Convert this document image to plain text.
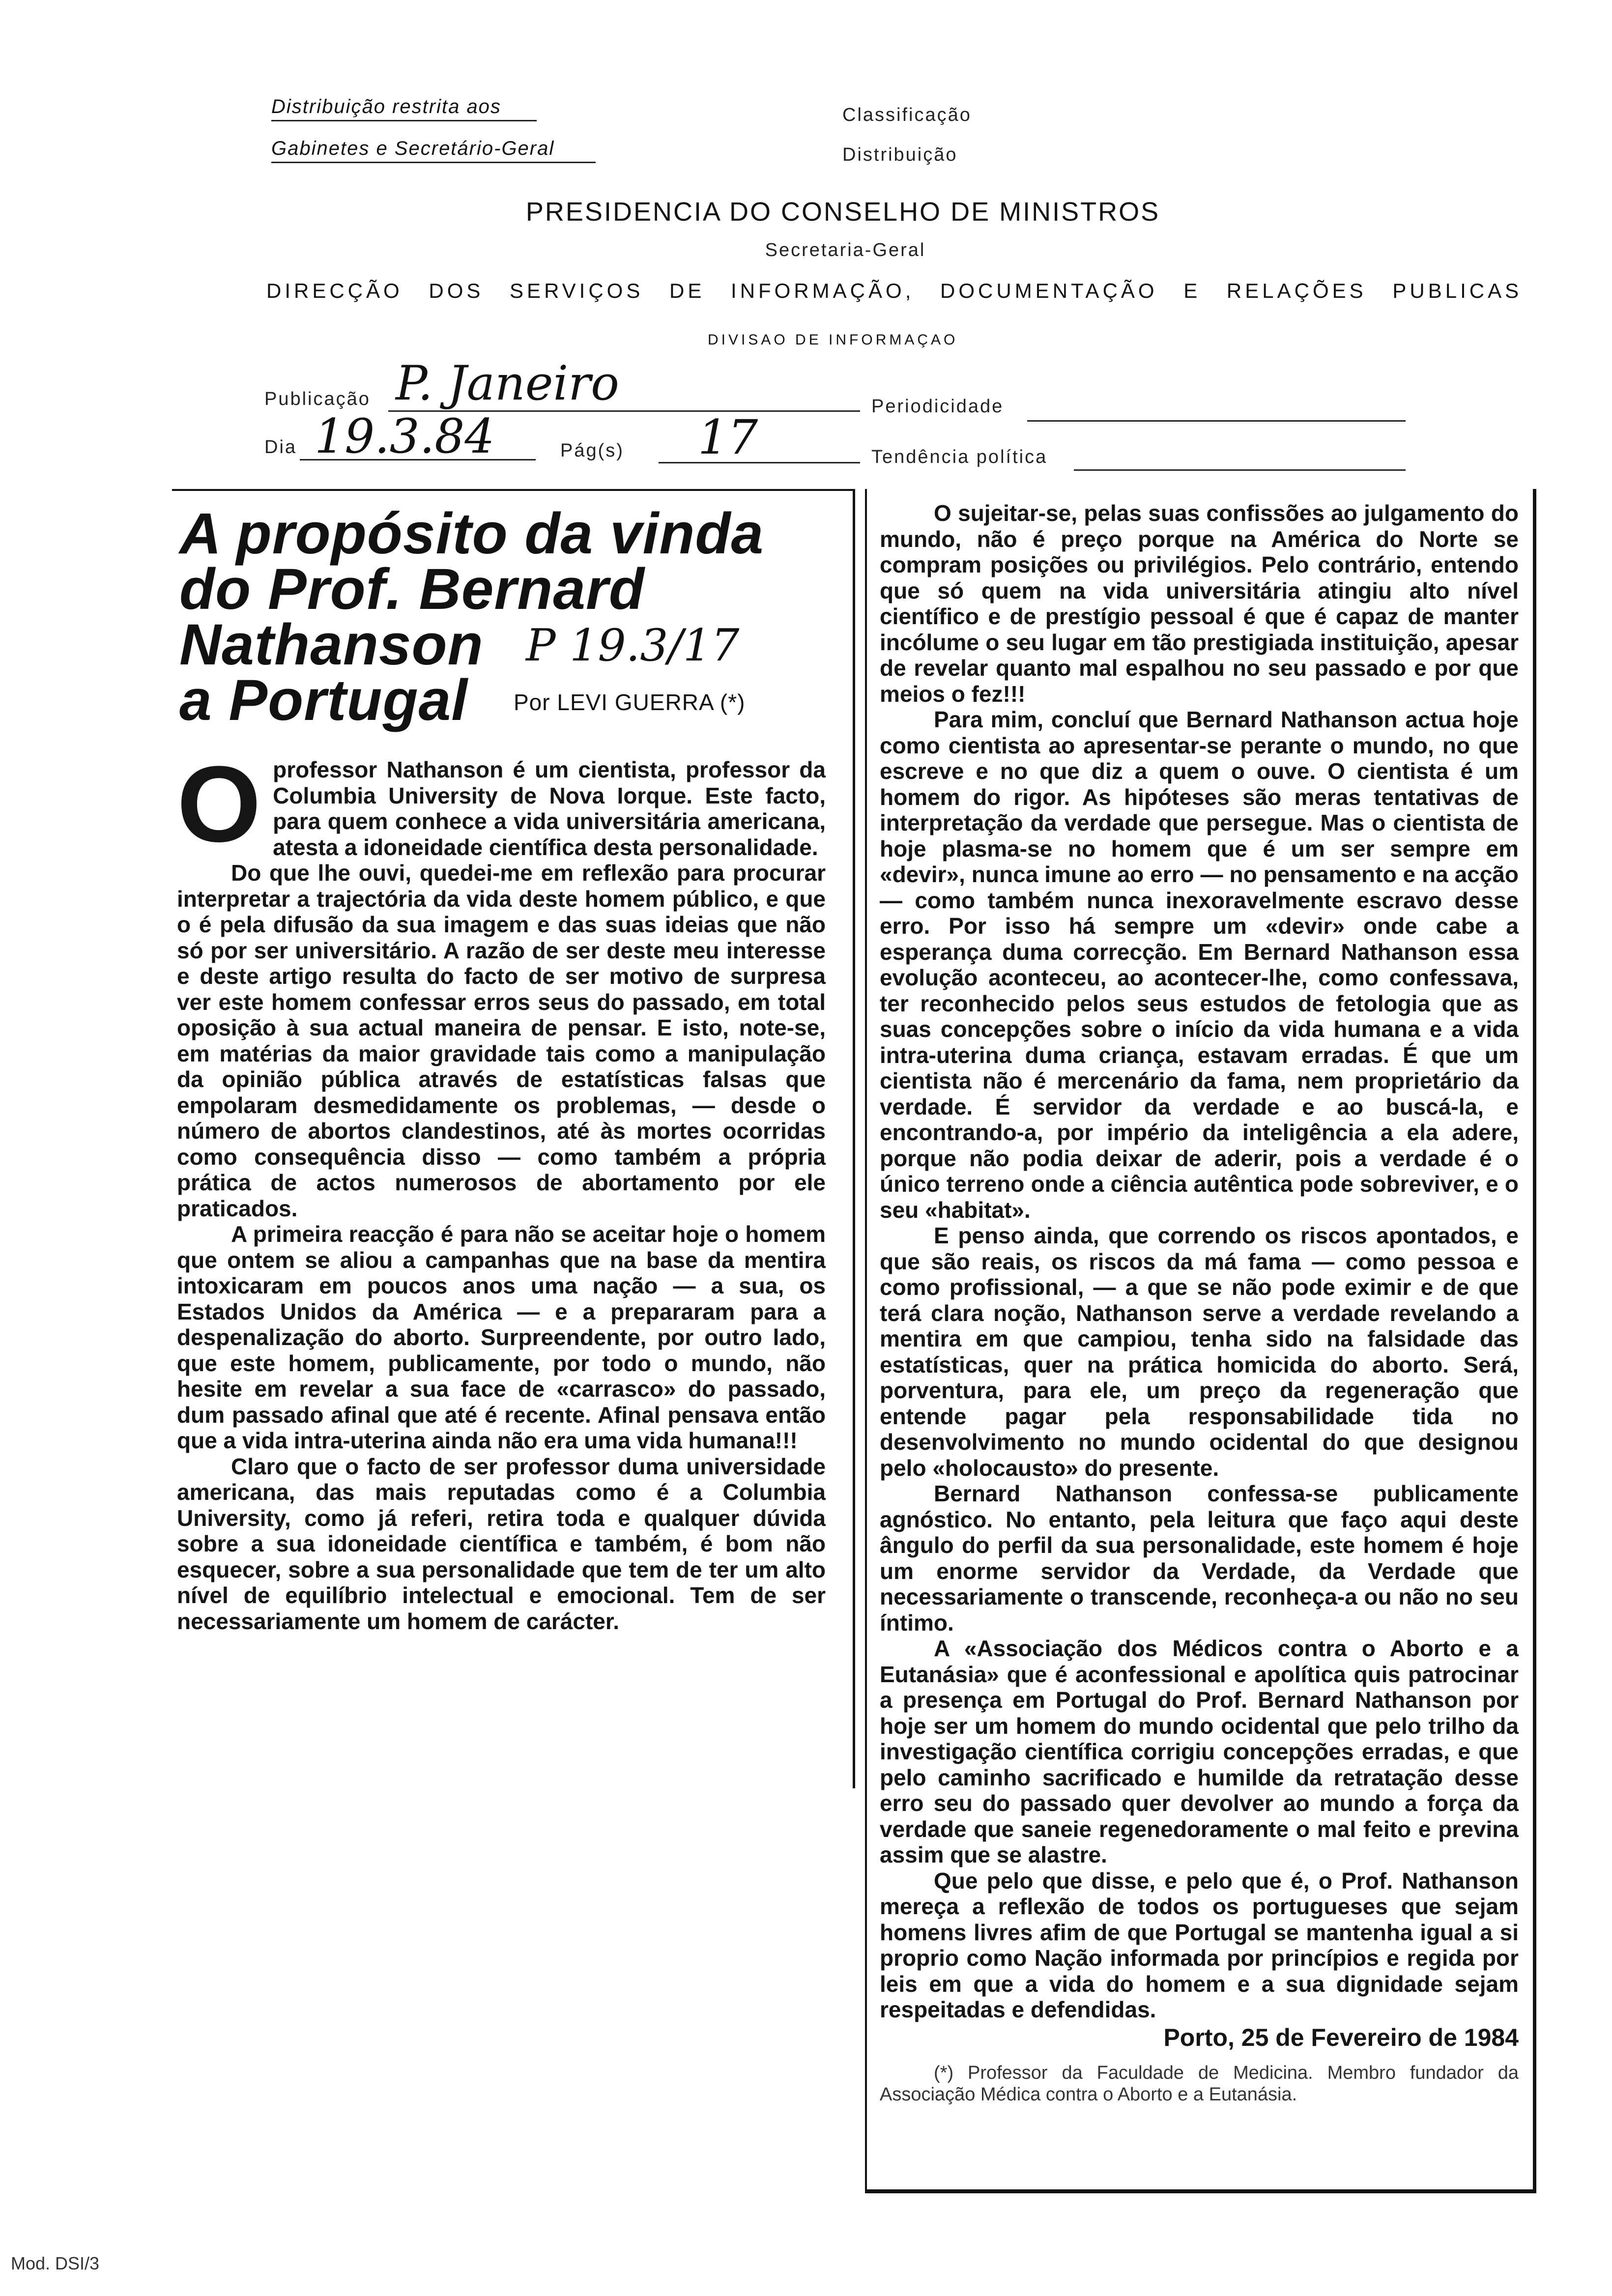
Distribuição restrita aos
Gabinetes e Secretário-Geral
Classificação
Distribuição
PRESIDENCIA DO CONSELHO DE MINISTROS
Secretaria-Geral
DIRECÇÃO DOS SERVIÇOS DE INFORMAÇÃO, DOCUMENTAÇÃO E RELAÇÕES PUBLICAS
DIVISAO DE INFORMAÇAO
Publicação P. Janeiro	Periodicidade
Dia 19.3.84	Pág(s) 17	Tendência política
A propósito da vinda
do Prof. Bernard
Nathanson
a Portugal	Por LEVI GUERRA (*)
P 19.3/17

Oprofessor Nathanson é um cientista, professor da Columbia University de Nova Iorque. Este facto, para quem conhece a vida universitária americana, atesta a idoneidade científica desta personalidade.

Do que lhe ouvi, quedei-me em reflexão para procurar interpretar a trajectória da vida deste homem público, e que o é pela difusão da sua imagem e das suas ideias que não só por ser universitário. A razão de ser deste meu interesse e deste artigo resulta do facto de ser motivo de surpresa ver este homem confessar erros seus do passado, em total oposição à sua actual maneira de pensar. E isto, note-se, em matérias da maior gravidade tais como a manipulação da opinião pública através de estatísticas falsas que empolaram desmedidamente os problemas, — desde o número de abortos clandestinos, até às mortes ocorridas como consequência disso — como também a própria prática de actos numerosos de abortamento por ele praticados.

A primeira reacção é para não se aceitar hoje o homem que ontem se aliou a campanhas que na base da mentira intoxicaram em poucos anos uma nação — a sua, os Estados Unidos da América — e a prepararam para a despenalização do aborto. Surpreendente, por outro lado, que este homem, publicamente, por todo o mundo, não hesite em revelar a sua face de «carrasco» do passado, dum passado afinal que até é recente. Afinal pensava então que a vida intra-uterina ainda não era uma vida humana!!!

Claro que o facto de ser professor duma universidade americana, das mais reputadas como é a Columbia University, como já referi, retira toda e qualquer dúvida sobre a sua idoneidade científica e também, é bom não esquecer, sobre a sua personalidade que tem de ter um alto nível de equilíbrio intelectual e emocional. Tem de ser necessariamente um homem de carácter.

O sujeitar-se, pelas suas confissões ao julgamento do mundo, não é preço porque na América do Norte se compram posições ou privilégios. Pelo contrário, entendo que só quem na vida universitária atingiu alto nível científico e de prestígio pessoal é que é capaz de manter incólume o seu lugar em tão prestigiada instituição, apesar de revelar quanto mal espalhou no seu passado e por que meios o fez!!!

Para mim, concluí que Bernard Nathanson actua hoje como cientista ao apresentar-se perante o mundo, no que escreve e no que diz a quem o ouve. O cientista é um homem do rigor. As hipóteses são meras tentativas de interpretação da verdade que persegue. Mas o cientista de hoje plasma-se no homem que é um ser sempre em «devir», nunca imune ao erro — no pensamento e na acção — como também nunca inexoravelmente escravo desse erro. Por isso há sempre um «devir» onde cabe a esperança duma correcção. Em Bernard Nathanson essa evolução aconteceu, ao acontecer-lhe, como confessava, ter reconhecido pelos seus estudos de fetologia que as suas concepções sobre o início da vida humana e a vida intra-uterina duma criança, estavam erradas. É que um cientista não é mercenário da fama, nem proprietário da verdade. É servidor da verdade e ao buscá-la, e encontrando-a, por império da inteligência a ela adere, porque não podia deixar de aderir, pois a verdade é o único terreno onde a ciência autêntica pode sobreviver, e o seu «habitat».

E penso ainda, que correndo os riscos apontados, e que são reais, os riscos da má fama — como pessoa e como profissional, — a que se não pode eximir e de que terá clara noção, Nathanson serve a verdade revelando a mentira em que campiou, tenha sido na falsidade das estatísticas, quer na prática homicida do aborto. Será, porventura, para ele, um preço da regeneração que entende pagar pela responsabilidade tida no desenvolvimento no mundo ocidental do que designou pelo «holocausto» do presente.

Bernard Nathanson confessa-se publicamente agnóstico. No entanto, pela leitura que faço aqui deste ângulo do perfil da sua personalidade, este homem é hoje um enorme servidor da Verdade, da Verdade que necessariamente o transcende, reconheça-a ou não no seu íntimo.

A «Associação dos Médicos contra o Aborto e a Eutanásia» que é aconfessional e apolítica quis patrocinar a presença em Portugal do Prof. Bernard Nathanson por hoje ser um homem do mundo ocidental que pelo trilho da investigação científica corrigiu concepções erradas, e que pelo caminho sacrificado e humilde da retratação desse erro seu do passado quer devolver ao mundo a força da verdade que saneie regenedoramente o mal feito e previna assim que se alastre.

Que pelo que disse, e pelo que é, o Prof. Nathanson mereça a reflexão de todos os portugueses que sejam homens livres afim de que Portugal se mantenha igual a si proprio como Nação informada por princípios e regida por leis em que a vida do homem e a sua dignidade sejam respeitadas e defendidas.

Porto, 25 de Fevereiro de 1984
(*) Professor da Faculdade de Medicina. Membro fundador da Associação Médica contra o Aborto e a Eutanásia.
Mod. DSI/3
